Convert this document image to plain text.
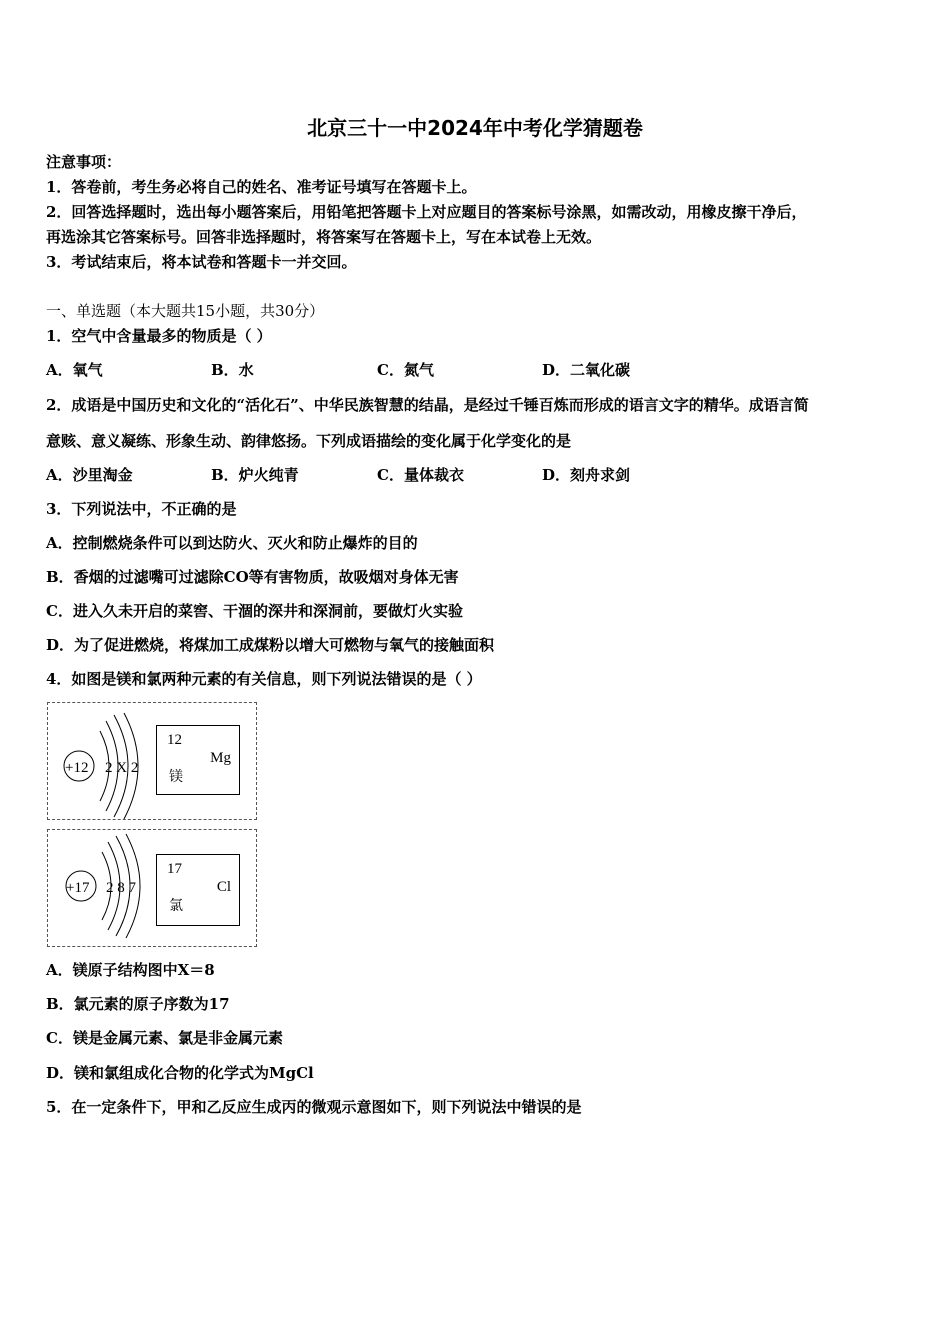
北京三十一中2024年中考化学猜题卷
注意事项：
1．答卷前，考生务必将自己的姓名、准考证号填写在答题卡上。
2．回答选择题时，选出每小题答案后，用铅笔把答题卡上对应题目的答案标号涂黑，如需改动，用橡皮擦干净后，
再选涂其它答案标号。回答非选择题时，将答案写在答题卡上，写在本试卷上无效。
3．考试结束后，将本试卷和答题卡一并交回。
一、单选题（本大题共15小题，共30分）
1．空气中含量最多的物质是（ ）
A．氧气	B．水	C．氮气	D．二氧化碳
2．成语是中国历史和文化的“活化石”、中华民族智慧的结晶，是经过千锤百炼而形成的语言文字的精华。成语言简
意赅、意义凝练、形象生动、韵律悠扬。下列成语描绘的变化属于化学变化的是
A．沙里淘金	B．炉火纯青	C．量体裁衣	D．刻舟求剑
3．下列说法中，不正确的是
A．控制燃烧条件可以到达防火、灭火和防止爆炸的目的
B．香烟的过滤嘴可过滤除CO等有害物质，故吸烟对身体无害
C．进入久未开启的菜窖、干涸的深井和深洞前，要做灯火实验
D．为了促进燃烧，将煤加工成煤粉以增大可燃物与氧气的接触面积
4．如图是镁和氯两种元素的有关信息，则下列说法错误的是（ ）
+12 2 X 2
12
Mg
镁
+17 2 8 7
17
Cl
氯
A．镁原子结构图中X＝8
B．氯元素的原子序数为17
C．镁是金属元素、氯是非金属元素
D．镁和氯组成化合物的化学式为MgCl
5．在一定条件下，甲和乙反应生成丙的微观示意图如下，则下列说法中错误的是
